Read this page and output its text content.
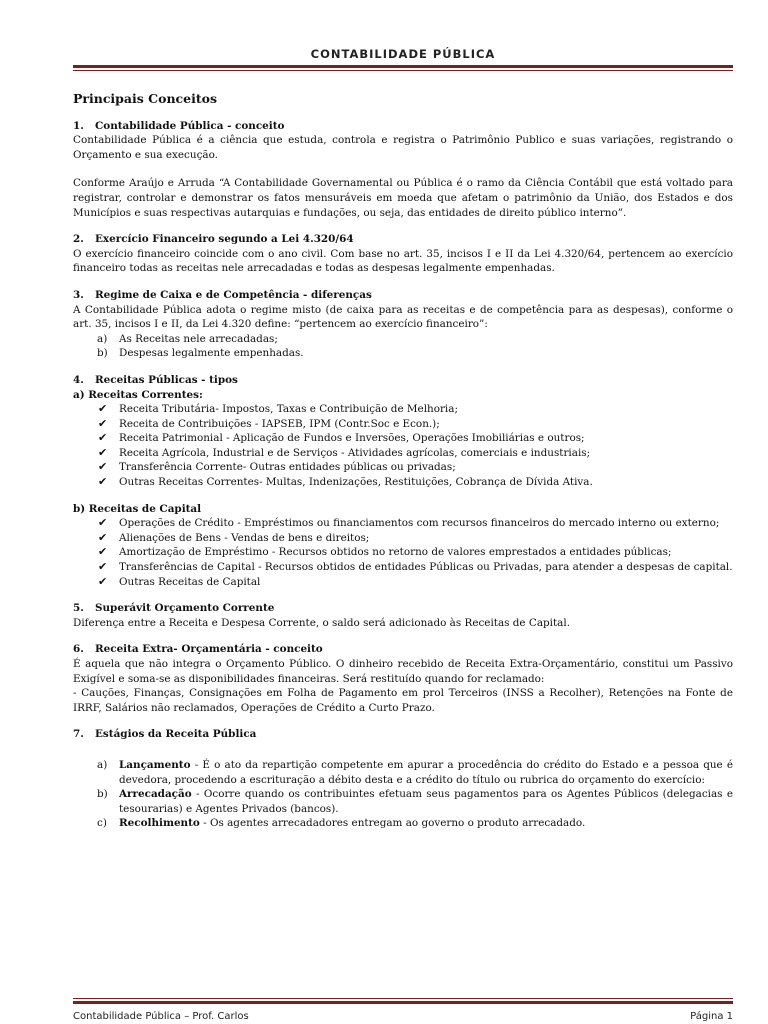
CONTABILIDADE PÚBLICA

Principais Conceitos

1. Contabilidade Pública - conceito

Contabilidade Pública é a ciência que estuda, controla e registra o Patrimônio Publico e suas variações, registrando o Orçamento e sua execução.

Conforme Araújo e Arruda “A Contabilidade Governamental ou Pública é o ramo da Ciência Contábil que está voltado para registrar, controlar e demonstrar os fatos mensuráveis em moeda que afetam o patrimônio da União, dos Estados e dos Municípios e suas respectivas autarquias e fundações, ou seja, das entidades de direito público interno”.

2. Exercício Financeiro segundo a Lei 4.320/64

O exercício financeiro coincide com o ano civil. Com base no art. 35, incisos I e II da Lei 4.320/64, pertencem ao exercício financeiro todas as receitas nele arrecadadas e todas as despesas legalmente empenhadas.

3. Regime de Caixa e de Competência - diferenças

A Contabilidade Pública adota o regime misto (de caixa para as receitas e de competência para as despesas), conforme o art. 35, incisos I e II, da Lei 4.320 define: “pertencem ao exercício financeiro”:

a) As Receitas nele arrecadadas;
b) Despesas legalmente empenhadas.

4. Receitas Públicas - tipos

a) Receitas Correntes:

✔ Receita Tributária- Impostos, Taxas e Contribuição de Melhoria;
✔ Receita de Contribuições - IAPSEB, IPM (Contr.Soc e Econ.);
✔ Receita Patrimonial - Aplicação de Fundos e Inversões, Operações Imobiliárias e outros;
✔ Receita Agrícola, Industrial e de Serviços - Atividades agrícolas, comerciais e industriais;
✔ Transferência Corrente- Outras entidades públicas ou privadas;
✔ Outras Receitas Correntes- Multas, Indenizações, Restituições, Cobrança de Dívida Ativa.

b) Receitas de Capital

✔ Operações de Crédito - Empréstimos ou financiamentos com recursos financeiros do mercado interno ou externo;
✔ Alienações de Bens - Vendas de bens e direitos;
✔ Amortização de Empréstimo - Recursos obtidos no retorno de valores emprestados a entidades públicas;
✔ Transferências de Capital - Recursos obtidos de entidades Públicas ou Privadas, para atender a despesas de capital.
✔ Outras Receitas de Capital

5. Superávit Orçamento Corrente

Diferença entre a Receita e Despesa Corrente, o saldo será adicionado às Receitas de Capital.

6. Receita Extra- Orçamentária - conceito

É aquela que não integra o Orçamento Público. O dinheiro recebido de Receita Extra-Orçamentário, constitui um Passivo Exigível e soma-se as disponibilidades financeiras. Será restituído quando for reclamado:

- Cauções, Finanças, Consignações em Folha de Pagamento em prol Terceiros (INSS a Recolher), Retenções na Fonte de IRRF, Salários não reclamados, Operações de Crédito a Curto Prazo.

7. Estágios da Receita Pública

a) Lançamento - É o ato da repartição competente em apurar a procedência do crédito do Estado e a pessoa que é devedora, procedendo a escrituração a débito desta e a crédito do título ou rubrica do orçamento do exercício:
b) Arrecadação - Ocorre quando os contribuintes efetuam seus pagamentos para os Agentes Públicos (delegacias e tesourarias) e Agentes Privados (bancos).
c) Recolhimento - Os agentes arrecadadores entregam ao governo o produto arrecadado.
Contabilidade Pública – Prof. Carlos	Página 1
